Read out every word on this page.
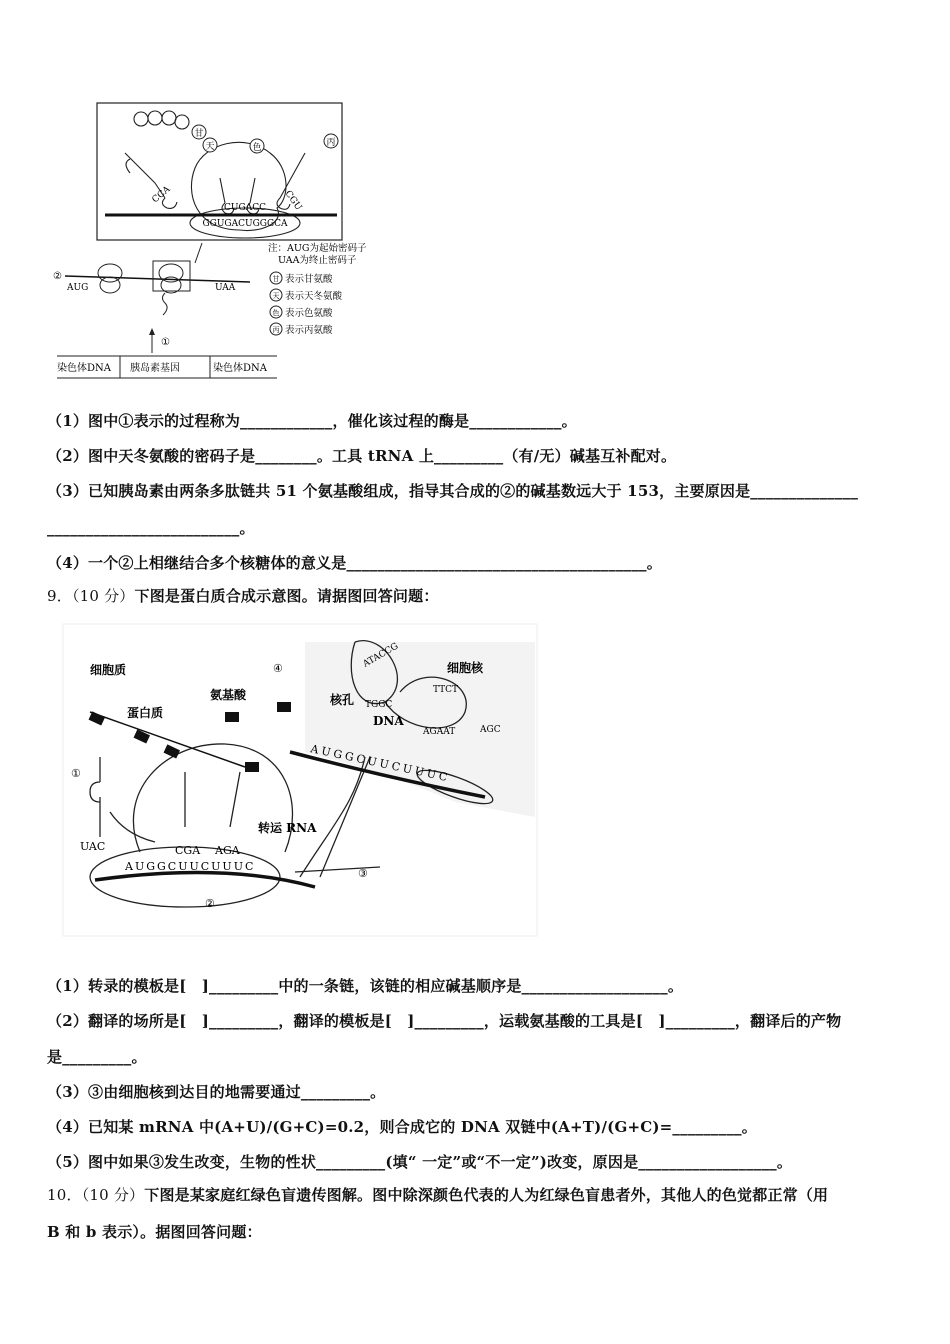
甘
天	色	丙
CCA	CGU
CUGACC
GGUGACUGGGCA
②
AUG	UAA
①
注：AUG为起始密码子
UAA为终止密码子
甘 表示甘氨酸
天 表示天冬氨酸
色 表示色氨酸
丙 表示丙氨酸
染色体DNA 胰岛素基因	染色体DNA
（1）图中①表示的过程称为____________，催化该过程的酶是____________。
（2）图中天冬氨酸的密码子是________。工具 tRNA 上_________（有/无）碱基互补配对。
（3）已知胰岛素由两条多肽链共 51 个氨基酸组成，指导其合成的②的碱基数远大于 153，主要原因是______________
_________________________。
（4）一个②上相继结合多个核糖体的意义是_______________________________________。
9．（10 分）下图是蛋白质合成示意图。请据图回答问题：
细胞质
蛋白质
氨基酸
细胞核
核孔
DNA
转运 RNA
①
②
③
④
UAC	CGA AGA
AUGGCUUCUUUC
AUGGCUUCUUUC
ATACCG
TGGC
TTCT
AGAAT	AGC
（1）转录的模板是[　]_________中的一条链，该链的相应碱基顺序是___________________。
（2）翻译的场所是[　]_________，翻译的模板是[　]_________，运载氨基酸的工具是[　]_________，翻译后的产物
是_________。
（3）③由细胞核到达目的地需要通过_________。
（4）已知某 mRNA 中(A+U)/(G+C)=0.2，则合成它的 DNA 双链中(A+T)/(G+C)=_________。
（5）图中如果③发生改变，生物的性状_________(填“ 一定”或“不一定”)改变，原因是__________________。
10．（10 分）下图是某家庭红绿色盲遗传图解。图中除深颜色代表的人为红绿色盲患者外，其他人的色觉都正常（用
B 和 b 表示）。据图回答问题：
